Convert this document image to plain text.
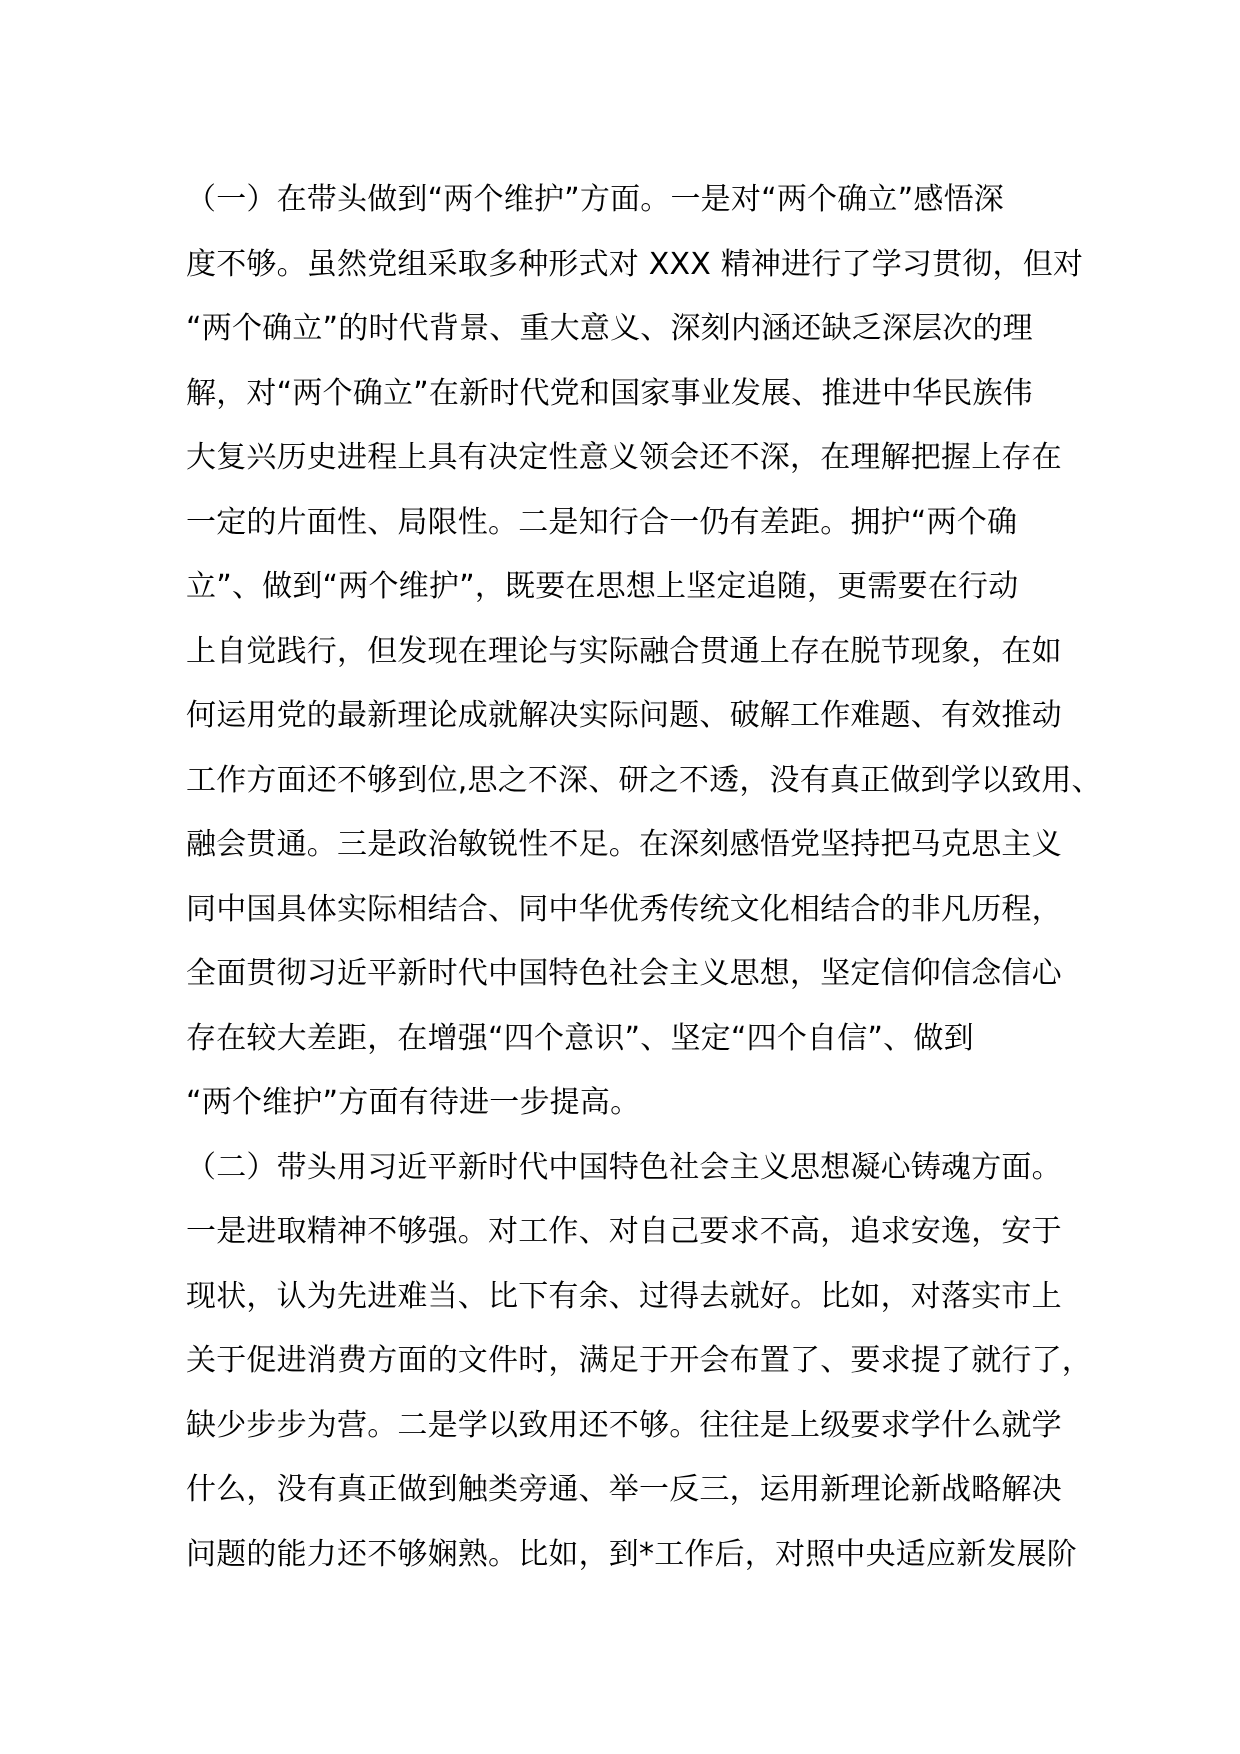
（一）在带头做到“两个维护”方面。一是对“两个确立”感悟深
度不够。虽然党组采取多种形式对 XXX 精神进行了学习贯彻，但对
“两个确立”的时代背景、重大意义、深刻内涵还缺乏深层次的理
解，对“两个确立”在新时代党和国家事业发展、推进中华民族伟
大复兴历史进程上具有决定性意义领会还不深，在理解把握上存在
一定的片面性、局限性。二是知行合一仍有差距。拥护“两个确
立”、做到“两个维护”，既要在思想上坚定追随，更需要在行动
上自觉践行，但发现在理论与实际融合贯通上存在脱节现象，在如
何运用党的最新理论成就解决实际问题、破解工作难题、有效推动
工作方面还不够到位,思之不深、研之不透，没有真正做到学以致用、
融会贯通。三是政治敏锐性不足。在深刻感悟党坚持把马克思主义
同中国具体实际相结合、同中华优秀传统文化相结合的非凡历程，
全面贯彻习近平新时代中国特色社会主义思想，坚定信仰信念信心
存在较大差距，在增强“四个意识”、坚定“四个自信”、做到
“两个维护”方面有待进一步提高。
（二）带头用习近平新时代中国特色社会主义思想凝心铸魂方面。
一是进取精神不够强。对工作、对自己要求不高，追求安逸，安于
现状，认为先进难当、比下有余、过得去就好。比如，对落实市上
关于促进消费方面的文件时，满足于开会布置了、要求提了就行了，
缺少步步为营。二是学以致用还不够。往往是上级要求学什么就学
什么，没有真正做到触类旁通、举一反三，运用新理论新战略解决
问题的能力还不够娴熟。比如，到*工作后，对照中央适应新发展阶
